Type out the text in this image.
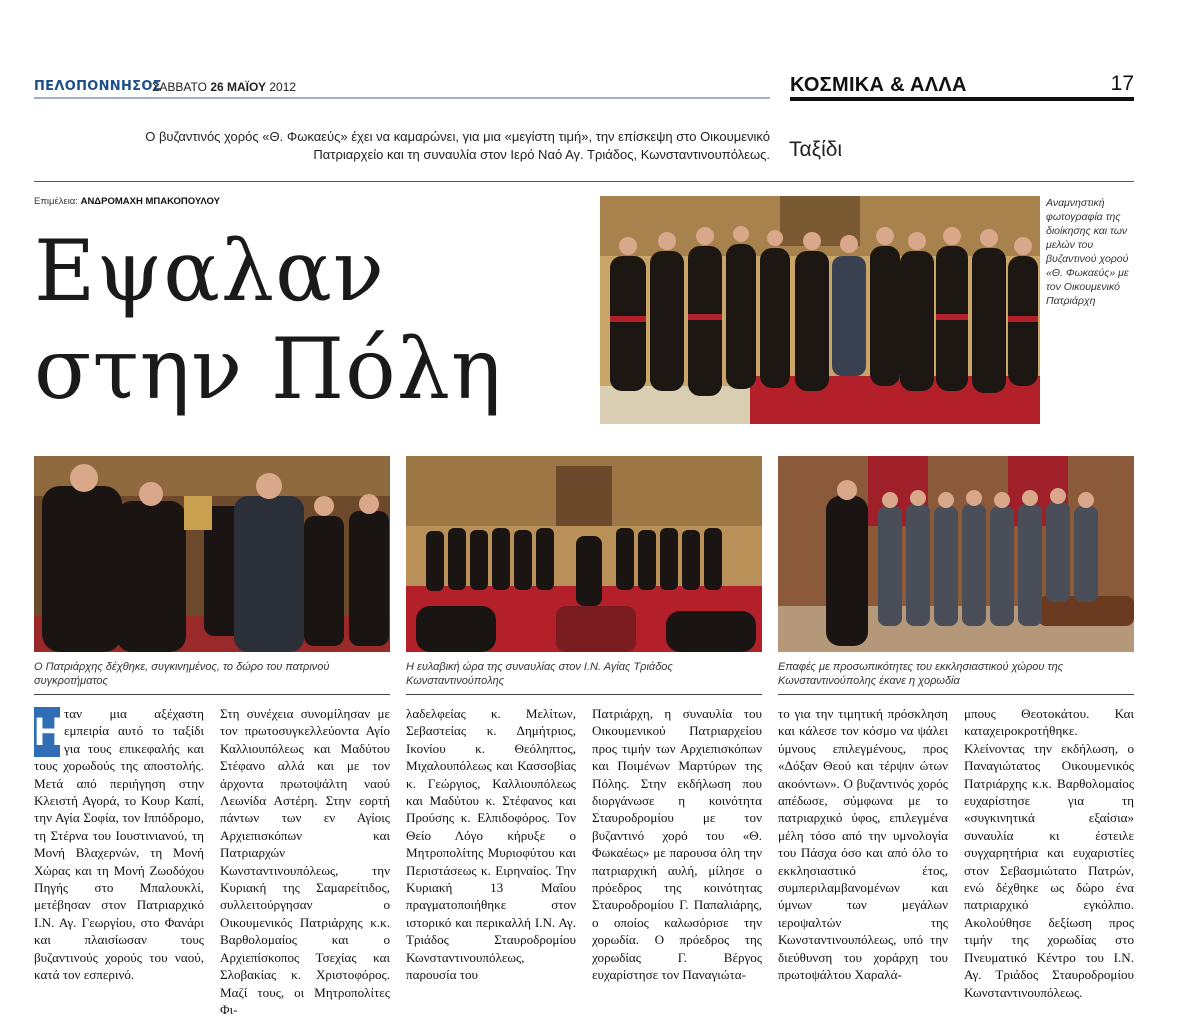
ΠΕΛΟΠΟΝΝΗΣΟΣ
ΣΑΒΒΑΤΟ 26 ΜΑΪΟΥ 2012	ΚΟΣΜΙΚΑ & ΑΛΛΑ	17
Ο βυζαντινός χορός «Θ. Φωκαεύς» έχει να καμαρώνει, για μια «μεγίστη τιμή», την επίσκεψη στο Οικουμενικό Πατριαρχείο και τη συναυλία στον Ιερό Ναό Αγ. Τριάδος, Κωνσταντινουπόλεως. Ταξίδι
Επιμέλεια: ΑΝΔΡΟΜΑΧΗ ΜΠΑΚΟΠΟΥΛΟΥ
Εψαλαν
στην Πόλη
Αναμνηστική φωτογραφία της διοίκησης και των μελών του βυζαντινού χορού «Θ. Φωκαεύς» με τον Οικουμενικό Πατριάρχη
Ο Πατριάρχης δέχθηκε, συγκινημένος, το δώρο του πατρινού συγκροτήματος
Η ευλαβική ώρα της συναυλίας στον Ι.Ν. Αγίας Τριάδος Κωνσταντινούπολης
Επαφές με προσωπικότητες του εκκλησιαστικού χώρου της Κωνσταντινούπολης έκανε η χορωδία
Η ταν μια αξέχαστη εμπειρία αυτό το ταξίδι για τους επικεφαλής και τους χορωδούς της αποστολής. Μετά από περιήγηση στην Κλειστή Αγορά, το Κουρ Καπί, την Αγία Σοφία, τον Ιππόδρομο, τη Στέρνα του Ιουστινιανού, τη Μονή Βλαχερνών, τη Μονή Χώρας και τη Μονή Ζωοδόχου Πηγής στο Μπαλουκλί, μετέβησαν στον Πατριαρχικό Ι.Ν. Αγ. Γεωργίου, στο Φανάρι και πλαισίωσαν τους βυζαντινούς χορούς του ναού, κατά τον εσπερινό.
Στη συνέχεια συνομίλησαν με τον πρωτοσυγκελλεύοντα Αγίο Καλλιουπόλεως και Μαδύτου Στέφανο αλλά και με τον άρχοντα πρωτοψάλτη ναού Λεωνίδα Αστέρη. Στην εορτή πάντων των εν Αγίοις Αρχιεπισκόπων και Πατριαρχών Κωνσταντινουπόλεως, την Κυριακή της Σαμαρείτιδος, συλλειτούργησαν ο Οικουμενικός Πατριάρχης κ.κ. Βαρθολομαίος και ο Αρχιεπίσκοπος Τσεχίας και Σλοβακίας κ. Χριστοφόρος. Μαζί τους, οι Μητροπολίτες Φι-
λαδελφείας κ. Μελίτων, Σεβαστείας κ. Δημήτριος, Ικονίου κ. Θεόληπτος, Μιχαλουπόλεως και Κασσοβίας κ. Γεώργιος, Καλλιουπόλεως και Μαδύτου κ. Στέφανος και Προύσης κ. Ελπιδοφόρος. Τον Θείο Λόγο κήρυξε ο Μητροπολίτης Μυριοφύτου και Περιστάσεως κ. Ειρηναίος. Την Κυριακή 13 Μαΐου πραγματοποιήθηκε στον ιστορικό και περικαλλή Ι.Ν. Αγ. Τριάδος Σταυροδρομίου Κωνσταντινουπόλεως, παρουσία του
Πατριάρχη, η συναυλία του Οικουμενικού Πατριαρχείου προς τιμήν των Αρχιεπισκόπων και Ποιμένων Μαρτύρων της Πόλης. Στην εκδήλωση που διοργάνωσε η κοινότητα Σταυροδρομίου με τον βυζαντινό χορό του «Θ. Φωκαέως» με παρουσα όλη την πατριαρχική αυλή, μίλησε ο πρόεδρος της κοινότητας Σταυροδρομίου Γ. Παπαλιάρης, ο οποίος καλωσόρισε την χορωδία. Ο πρόεδρος της χορωδίας Γ. Βέργος ευχαρίστησε τον Παναγιώτα-
το για την τιμητική πρόσκληση και κάλεσε τον κόσμο να ψάλει ύμνους επιλεγμένους, προς «Δόξαν Θεού και τέρψιν ώτων ακοόντων». Ο βυζαντινός χορός απέδωσε, σύμφωνα με το πατριαρχικό ύφος, επιλεγμένα μέλη τόσο από την υμνολογία του Πάσχα όσο και από όλο το εκκλησιαστικό έτος, συμπεριλαμβανομένων και ύμνων των μεγάλων ιεροψαλτών της Κωνσταντινουπόλεως, υπό την διεύθυνση του χοράρχη του πρωτοψάλτου Χαραλά-
μπους Θεοτοκάτου. Και καταχειροκροτήθηκε. Κλείνοντας την εκδήλωση, ο Παναγιώτατος Οικουμενικός Πατριάρχης κ.κ. Βαρθολομαίος ευχαρίστησε για τη «συγκινητικά εξαίσια» συναυλία κι έστειλε συγχαρητήρια και ευχαριστίες στον Σεβασμιώτατο Πατρών, ενώ δέχθηκε ως δώρο ένα πατριαρχικό εγκόλπιο. Ακολούθησε δεξίωση προς τιμήν της χορωδίας στο Πνευματικό Κέντρο του Ι.Ν. Αγ. Τριάδος Σταυροδρομίου Κωνσταντινουπόλεως.
